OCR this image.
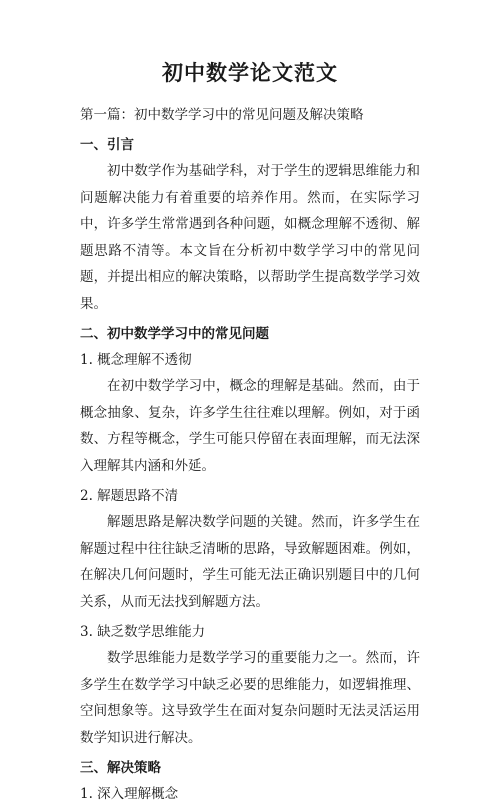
初中数学论文范文
第一篇：初中数学学习中的常见问题及解决策略
一、引言

初中数学作为基础学科，对于学生的逻辑思维能力和问题解决能力有着重要的培养作用。然而，在实际学习中，许多学生常常遇到各种问题，如概念理解不透彻、解题思路不清等。本文旨在分析初中数学学习中的常见问题，并提出相应的解决策略，以帮助学生提高数学学习效果。

二、初中数学学习中的常见问题
1. 概念理解不透彻

在初中数学学习中，概念的理解是基础。然而，由于概念抽象、复杂，许多学生往往难以理解。例如，对于函数、方程等概念，学生可能只停留在表面理解，而无法深入理解其内涵和外延。

2. 解题思路不清

解题思路是解决数学问题的关键。然而，许多学生在解题过程中往往缺乏清晰的思路，导致解题困难。例如，在解决几何问题时，学生可能无法正确识别题目中的几何关系，从而无法找到解题方法。

3. 缺乏数学思维能力

数学思维能力是数学学习的重要能力之一。然而，许多学生在数学学习中缺乏必要的思维能力，如逻辑推理、空间想象等。这导致学生在面对复杂问题时无法灵活运用数学知识进行解决。

三、解决策略
1. 深入理解概念
